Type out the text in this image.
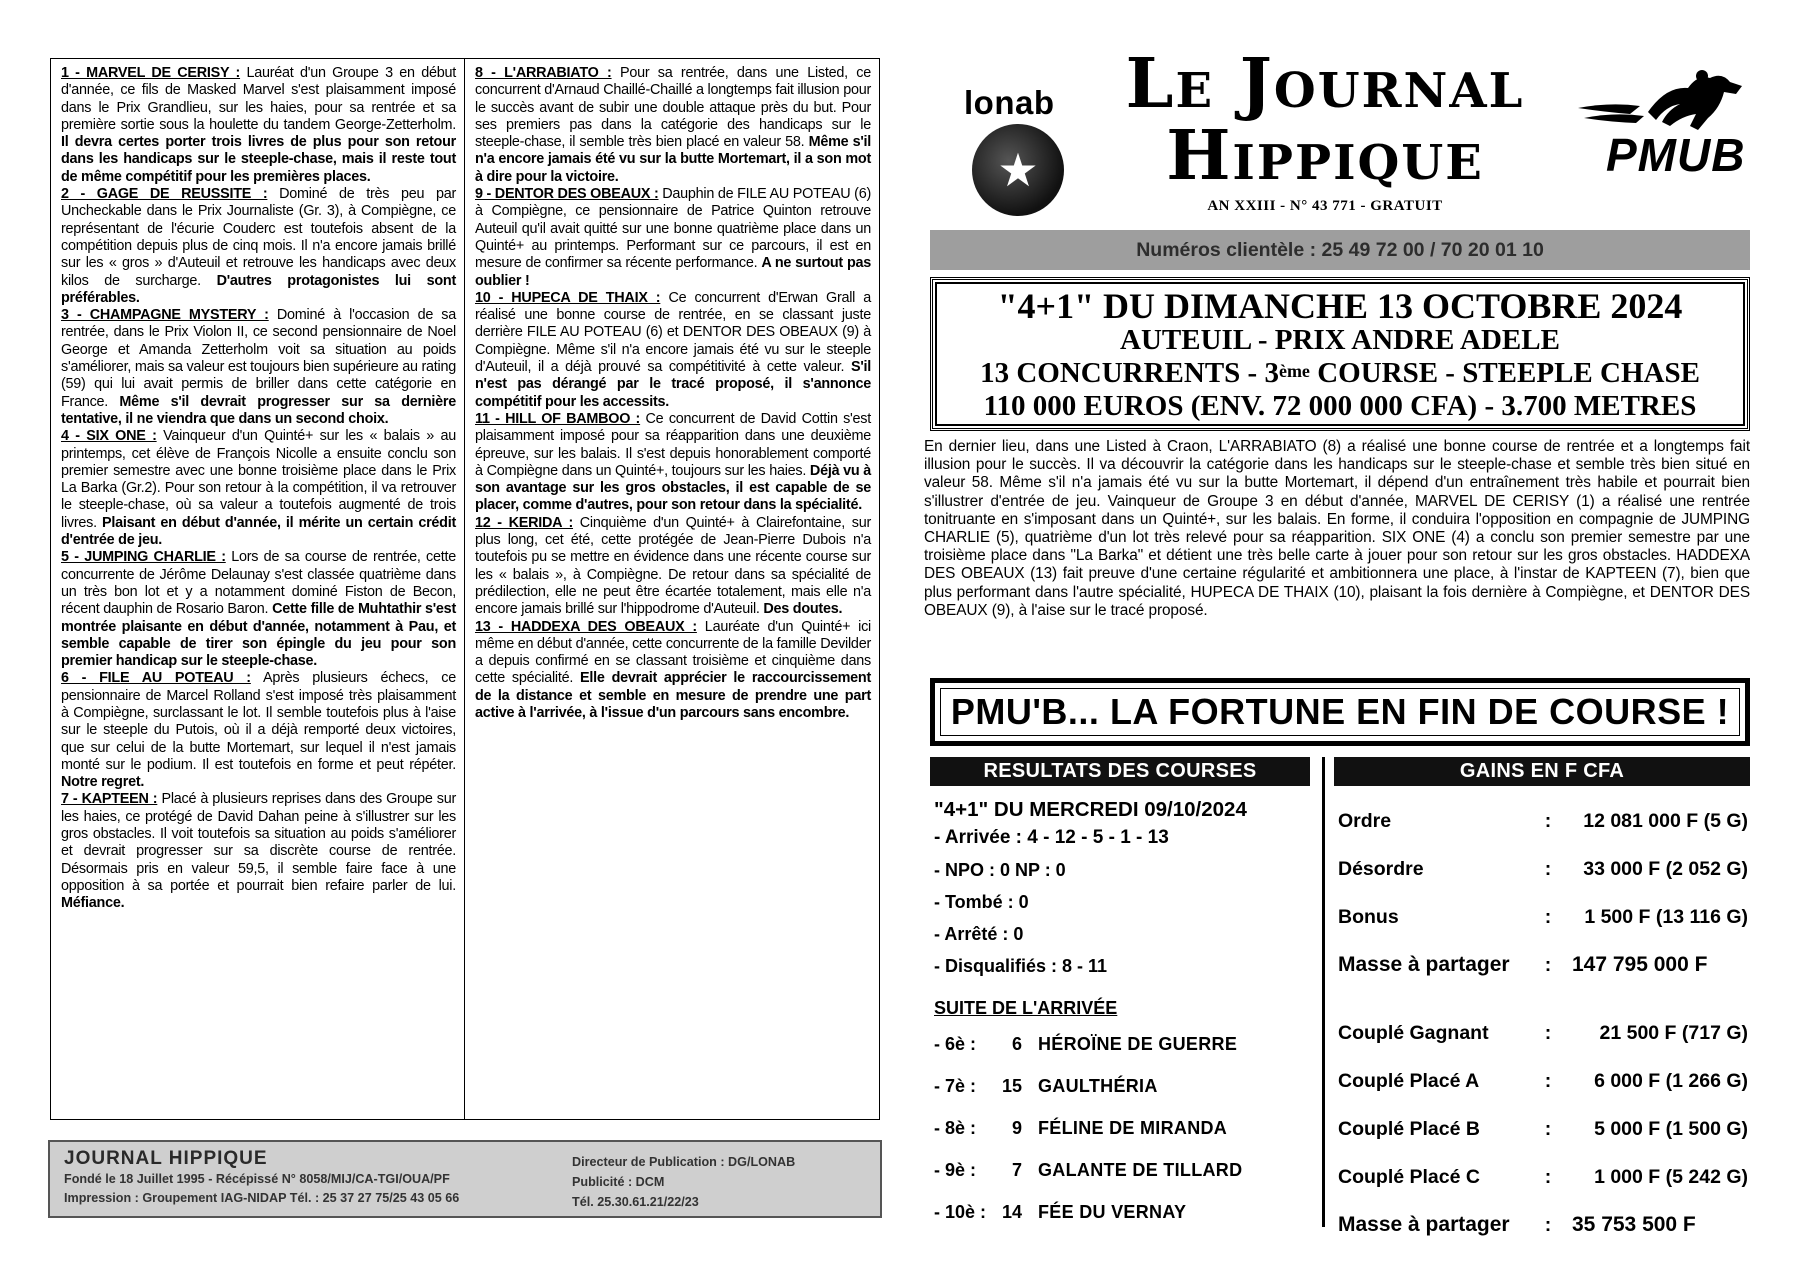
1 - MARVEL DE CERISY : Lauréat d'un Groupe 3 en début d'année, ce fils de Masked Marvel s'est plaisamment imposé dans le Prix Grandlieu, sur les haies, pour sa rentrée et sa première sortie sous la houlette du tandem George-Zetterholm. Il devra certes porter trois livres de plus pour son retour dans les handicaps sur le steeple-chase, mais il reste tout de même compétitif pour les premières places.

2 - GAGE DE REUSSITE : Dominé de très peu par Uncheckable dans le Prix Journaliste (Gr. 3), à Compiègne, ce représentant de l'écurie Couderc est toutefois absent de la compétition depuis plus de cinq mois. Il n'a encore jamais brillé sur les « gros » d'Auteuil et retrouve les handicaps avec deux kilos de surcharge. D'autres protagonistes lui sont préférables.

3 - CHAMPAGNE MYSTERY : Dominé à l'occasion de sa rentrée, dans le Prix Violon II, ce second pensionnaire de Noel George et Amanda Zetterholm voit sa situation au poids s'améliorer, mais sa valeur est toujours bien supérieure au rating (59) qui lui avait permis de briller dans cette catégorie en France. Même s'il devrait progresser sur sa dernière tentative, il ne viendra que dans un second choix.

4 - SIX ONE : Vainqueur d'un Quinté+ sur les « balais » au printemps, cet élève de François Nicolle a ensuite conclu son premier semestre avec une bonne troisième place dans le Prix La Barka (Gr.2). Pour son retour à la compétition, il va retrouver le steeple-chase, où sa valeur a toutefois augmenté de trois livres. Plaisant en début d'année, il mérite un certain crédit d'entrée de jeu.

5 - JUMPING CHARLIE : Lors de sa course de rentrée, cette concurrente de Jérôme Delaunay s'est classée quatrième dans un très bon lot et y a notamment dominé Fiston de Becon, récent dauphin de Rosario Baron. Cette fille de Muhtathir s'est montrée plaisante en début d'année, notamment à Pau, et semble capable de tirer son épingle du jeu pour son premier handicap sur le steeple-chase.

6 - FILE AU POTEAU : Après plusieurs échecs, ce pensionnaire de Marcel Rolland s'est imposé très plaisamment à Compiègne, surclassant le lot. Il semble toutefois plus à l'aise sur le steeple du Putois, où il a déjà remporté deux victoires, que sur celui de la butte Mortemart, sur lequel il n'est jamais monté sur le podium. Il est toutefois en forme et peut répéter. Notre regret.

7 - KAPTEEN : Placé à plusieurs reprises dans des Groupe sur les haies, ce protégé de David Dahan peine à s'illustrer sur les gros obstacles. Il voit toutefois sa situation au poids s'améliorer et devrait progresser sur sa discrète course de rentrée. Désormais pris en valeur 59,5, il semble faire face à une opposition à sa portée et pourrait bien refaire parler de lui. Méfiance.

8 - L'ARRABIATO : Pour sa rentrée, dans une Listed, ce concurrent d'Arnaud Chaillé-Chaillé a longtemps fait illusion pour le succès avant de subir une double attaque près du but. Pour ses premiers pas dans la catégorie des handicaps sur le steeple-chase, il semble très bien placé en valeur 58. Même s'il n'a encore jamais été vu sur la butte Mortemart, il a son mot à dire pour la victoire.

9 - DENTOR DES OBEAUX : Dauphin de FILE AU POTEAU (6) à Compiègne, ce pensionnaire de Patrice Quinton retrouve Auteuil qu'il avait quitté sur une bonne quatrième place dans un Quinté+ au printemps. Performant sur ce parcours, il est en mesure de confirmer sa récente performance. A ne surtout pas oublier !

10 - HUPECA DE THAIX : Ce concurrent d'Erwan Grall a réalisé une bonne course de rentrée, en se classant juste derrière FILE AU POTEAU (6) et DENTOR DES OBEAUX (9) à Compiègne. Même s'il n'a encore jamais été vu sur le steeple d'Auteuil, il a déjà prouvé sa compétitivité à cette valeur. S'il n'est pas dérangé par le tracé proposé, il s'annonce compétitif pour les accessits.

11 - HILL OF BAMBOO : Ce concurrent de David Cottin s'est plaisamment imposé pour sa réapparition dans une deuxième épreuve, sur les balais. Il s'est depuis honorablement comporté à Compiègne dans un Quinté+, toujours sur les haies. Déjà vu à son avantage sur les gros obstacles, il est capable de se placer, comme d'autres, pour son retour dans la spécialité.

12 - KERIDA : Cinquième d'un Quinté+ à Clairefontaine, sur plus long, cet été, cette protégée de Jean-Pierre Dubois n'a toutefois pu se mettre en évidence dans une récente course sur les « balais », à Compiègne. De retour dans sa spécialité de prédilection, elle ne peut être écartée totalement, mais elle n'a encore jamais brillé sur l'hippodrome d'Auteuil. Des doutes.

13 - HADDEXA DES OBEAUX : Lauréate d'un Quinté+ ici même en début d'année, cette concurrente de la famille Devilder a depuis confirmé en se classant troisième et cinquième dans cette spécialité. Elle devrait apprécier le raccourcissement de la distance et semble en mesure de prendre une part active à l'arrivée, à l'issue d'un parcours sans encombre.

JOURNAL HIPPIQUE
Fondé le 18 Juillet 1995 - Récépissé N° 8058/MIJ/CA-TGI/OUA/PF
Impression : Groupement IAG-NIDAP Tél. : 25 37 27 75/25 43 05 66
Directeur de Publication : DG/LONAB
Publicité : DCM
Tél. 25.30.61.21/22/23
lonab
★
Le Journal
Hippique
AN XXIII - N° 43 771 - GRATUIT
PMUB
Numéros clientèle : 25 49 72 00 / 70 20 01 10
"4+1" DU DIMANCHE 13 OCTOBRE 2024
AUTEUIL - PRIX ANDRE ADELE
13 CONCURRENTS - 3ème COURSE - STEEPLE CHASE
110 000 EUROS (ENV. 72 000 000 CFA) - 3.700 METRES
En dernier lieu, dans une Listed à Craon, L'ARRABIATO (8) a réalisé une bonne course de rentrée et a longtemps fait illusion pour le succès. Il va découvrir la catégorie dans les handicaps sur le steeple-chase et semble très bien situé en valeur 58. Même s'il n'a jamais été vu sur la butte Mortemart, il dépend d'un entraînement très habile et pourrait bien s'illustrer d'entrée de jeu. Vainqueur de Groupe 3 en début d'année, MARVEL DE CERISY (1) a réalisé une rentrée tonitruante en s'imposant dans un Quinté+, sur les balais. En forme, il conduira l'opposition en compagnie de JUMPING CHARLIE (5), quatrième d'un lot très relevé pour sa réapparition. SIX ONE (4) a conclu son premier semestre par une troisième place dans "La Barka" et détient une très belle carte à jouer pour son retour sur les gros obstacles. HADDEXA DES OBEAUX (13) fait preuve d'une certaine régularité et ambitionnera une place, à l'instar de KAPTEEN (7), bien que plus performant dans l'autre spécialité, HUPECA DE THAIX (10), plaisant la fois dernière à Compiègne, et DENTOR DES OBEAUX (9), à l'aise sur le tracé proposé.
PMU'B... LA FORTUNE EN FIN DE COURSE !
RESULTATS DES COURSES
"4+1" DU MERCREDI 09/10/2024
- Arrivée : 4 - 12 - 5 - 1 - 13
- NPO : 0 NP : 0
- Tombé : 0
- Arrêté : 0
- Disqualifiés : 8 - 11
SUITE DE L'ARRIVÉE
- 6è :	6 HÉROÏNE DE GUERRE
- 7è :	15 GAULTHÉRIA
- 8è :	9 FÉLINE DE MIRANDA
- 9è :	7 GALANTE DE TILLARD
- 10è : 14 FÉE DU VERNAY
GAINS EN F CFA
Ordre	:	12 081 000 F (5 G)
Désordre	:	33 000 F (2 052 G)
Bonus	:	1 500 F (13 116 G)
Masse à partager	: 147 795 000 F
Couplé Gagnant	:	21 500 F (717 G)
Couplé Placé A	:	6 000 F (1 266 G)
Couplé Placé B	:	5 000 F (1 500 G)
Couplé Placé C	:	1 000 F (5 242 G)
Masse à partager	: 35 753 500 F
